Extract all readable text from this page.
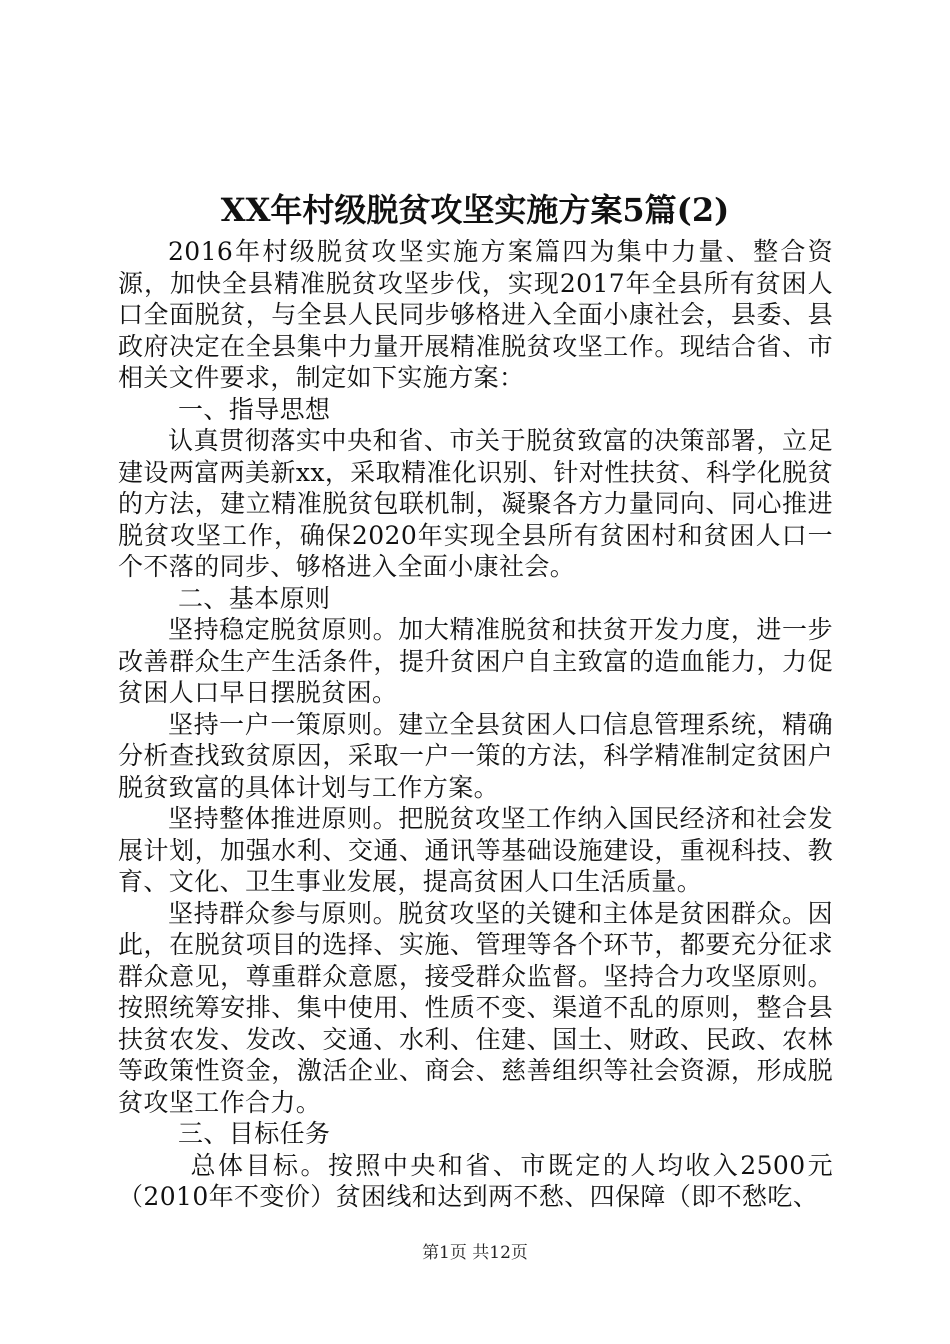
XX年村级脱贫攻坚实施方案5篇(2)

2016年村级脱贫攻坚实施方案篇四为集中力量、整合资源，加快全县精准脱贫攻坚步伐，实现2017年全县所有贫困人口全面脱贫，与全县人民同步够格进入全面小康社会，县委、县政府决定在全县集中力量开展精准脱贫攻坚工作。现结合省、市相关文件要求，制定如下实施方案：

一、指导思想

认真贯彻落实中央和省、市关于脱贫致富的决策部署，立足建设两富两美新xx，采取精准化识别、针对性扶贫、科学化脱贫的方法，建立精准脱贫包联机制，凝聚各方力量同向、同心推进脱贫攻坚工作，确保2020年实现全县所有贫困村和贫困人口一个不落的同步、够格进入全面小康社会。

二、基本原则

坚持稳定脱贫原则。加大精准脱贫和扶贫开发力度，进一步改善群众生产生活条件，提升贫困户自主致富的造血能力，力促贫困人口早日摆脱贫困。

坚持一户一策原则。建立全县贫困人口信息管理系统，精确分析查找致贫原因，采取一户一策的方法，科学精准制定贫困户脱贫致富的具体计划与工作方案。

坚持整体推进原则。把脱贫攻坚工作纳入国民经济和社会发展计划，加强水利、交通、通讯等基础设施建设，重视科技、教育、文化、卫生事业发展，提高贫困人口生活质量。

坚持群众参与原则。脱贫攻坚的关键和主体是贫困群众。因此，在脱贫项目的选择、实施、管理等各个环节，都要充分征求群众意见，尊重群众意愿，接受群众监督。坚持合力攻坚原则。按照统筹安排、集中使用、性质不变、渠道不乱的原则，整合县扶贫农发、发改、交通、水利、住建、国土、财政、民政、农林等政策性资金，激活企业、商会、慈善组织等社会资源，形成脱贫攻坚工作合力。

三、目标任务

总体目标。按照中央和省、市既定的人均收入2500元（2010年不变价）贫困线和达到两不愁、四保障（即不愁吃、

第1页 共12页
